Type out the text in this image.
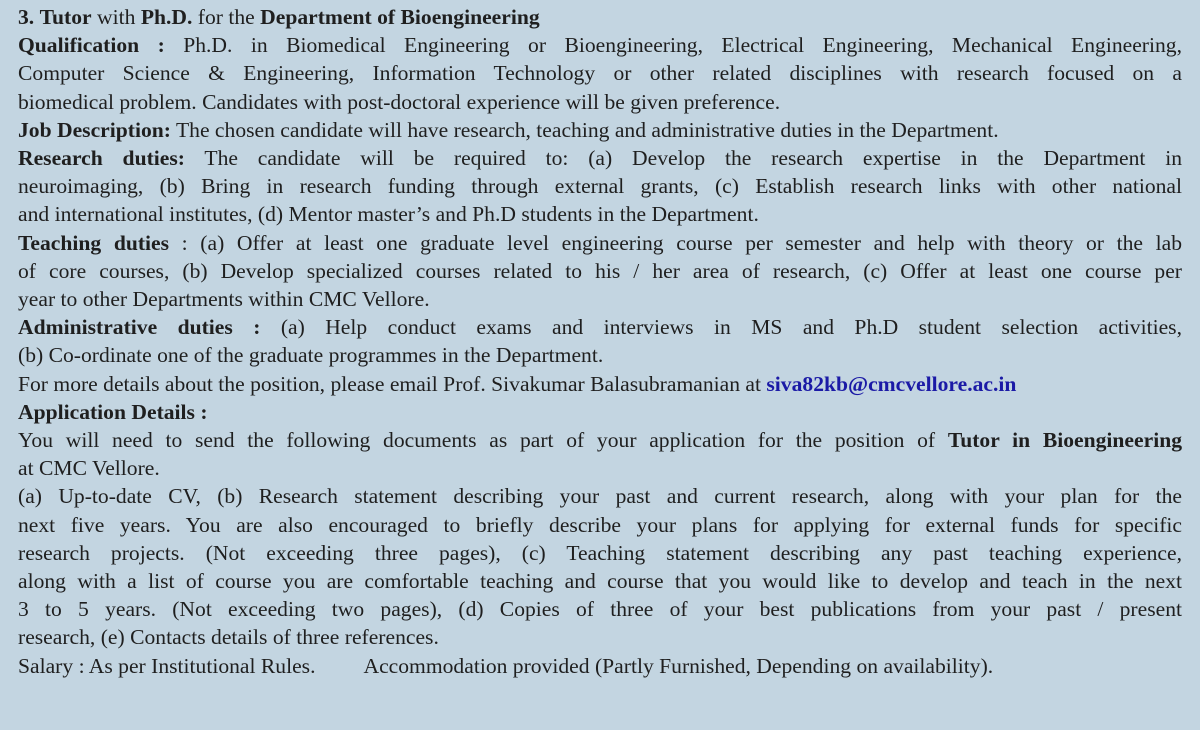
3. Tutor with Ph.D. for the Department of Bioengineering

Qualification : Ph.D. in Biomedical Engineering or Bioengineering, Electrical Engineering, Mechanical Engineering,

Computer Science & Engineering, Information Technology or other related disciplines with research focused on a

biomedical problem. Candidates with post-doctoral experience will be given preference.

Job Description: The chosen candidate will have research, teaching and administrative duties in the Department.

Research duties: The candidate will be required to: (a) Develop the research expertise in the Department in

neuroimaging, (b) Bring in research funding through external grants, (c) Establish research links with other national

and international institutes, (d) Mentor master’s and Ph.D students in the Department.

Teaching duties : (a) Offer at least one graduate level engineering course per semester and help with theory or the lab

of core courses, (b) Develop specialized courses related to his / her area of research, (c) Offer at least one course per

year to other Departments within CMC Vellore.

Administrative duties : (a) Help conduct exams and interviews in MS and Ph.D student selection activities,

(b) Co-ordinate one of the graduate programmes in the Department.

For more details about the position, please email Prof. Sivakumar Balasubramanian at siva82kb@cmcvellore.ac.in

Application Details :

You will need to send the following documents as part of your application for the position of Tutor in Bioengineering

at CMC Vellore.

(a) Up-to-date CV, (b) Research statement describing your past and current research, along with your plan for the

next five years. You are also encouraged to briefly describe your plans for applying for external funds for specific

research projects. (Not exceeding three pages), (c) Teaching statement describing any past teaching experience,

along with a list of course you are comfortable teaching and course that you would like to develop and teach in the next

3 to 5 years. (Not exceeding two pages), (d) Copies of three of your best publications from your past / present

research, (e) Contacts details of three references.

Salary : As per Institutional Rules. Accommodation provided (Partly Furnished, Depending on availability).
